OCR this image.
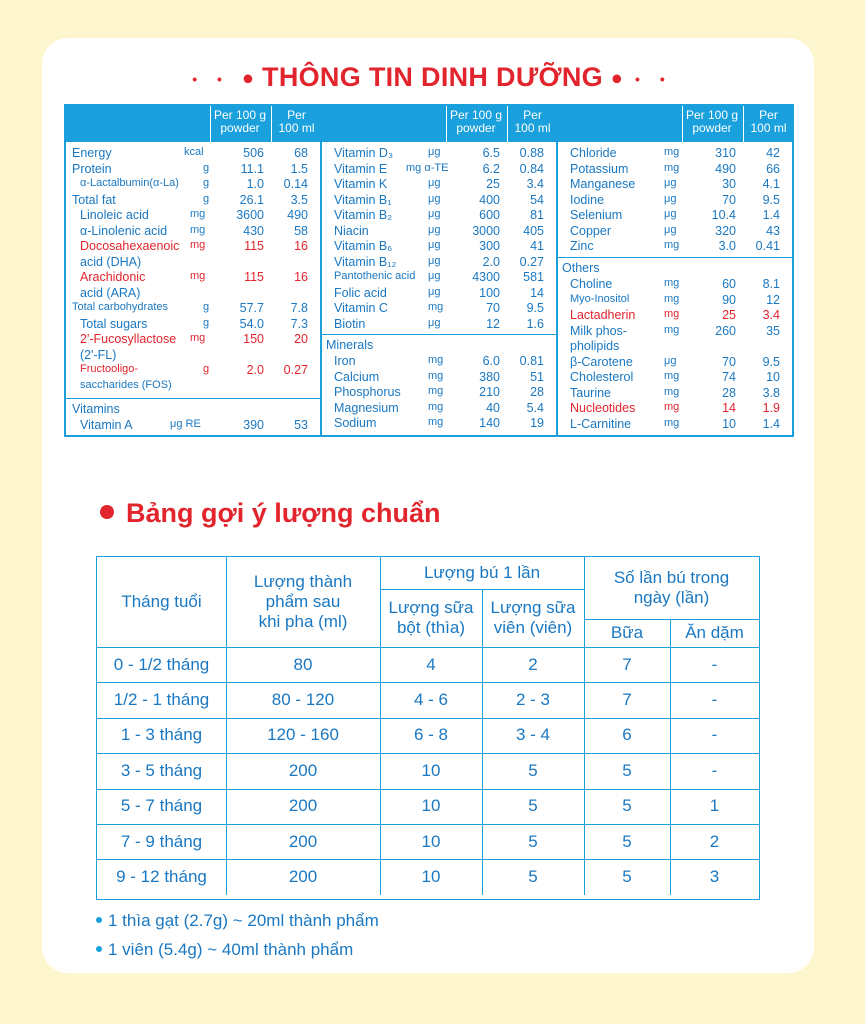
• • ● THÔNG TIN DINH DƯỠNG ● • •
Per 100 g
powder
Per
100 ml
Energy	kcal	506 68
Protein	g	11.1 1.5
α-Lactalbumin(α-La) g	1.0 0.14
Total fat	g 26.1 3.5
Linoleic acid	mg 3600 490
α-Linolenic acid mg	430 58
Docosahexaenoic mg	115 16
acid (DHA)
Arachidonic	mg	115 16
acid (ARA)
Total carbohydrates	g 57.7 7.8
Total sugars	g 54.0 7.3
2'-Fucosyllactose mg	150 20
(2'-FL)
Fructooligo-	g	2.0 0.27
saccharides (FOS)
Vitamins
Vitamin A	μg RE	390 53
Per 100 g
powder
Per
100 ml
Vitamin D₃	μg	6.5 0.88
Vitamin E mg α-TE	6.2 0.84
Vitamin K	μg	25 3.4
Vitamin B₁	μg	400 54
Vitamin B₂	μg	600 81
Niacin	μg	3000 405
Vitamin B₆	μg	300 41
Vitamin B₁₂	μg	2.0 0.27
Pantothenic acid μg	4300 581
Folic acid	μg	100 14
Vitamin C	mg	70 9.5
Biotin	μg	12 1.6
Minerals
Iron	mg	6.0 0.81
Calcium	mg	380 51
Phosphorus mg	210 28
Magnesium	mg	40 5.4
Sodium	mg	140 19
Per 100 g
powder
Per
100 ml
Chloride	mg	310 42
Potassium	mg	490 66
Manganese	μg	30 4.1
Iodine	μg	70 9.5
Selenium	μg	10.4 1.4
Copper	μg	320 43
Zinc	mg	3.0 0.41
Others
Choline	mg	60 8.1
Myo-Inositol	mg	90 12
Lactadherin	mg	25 3.4
Milk phos-	mg	260 35
pholipids
β-Carotene	μg	70 9.5
Cholesterol	mg	74 10
Taurine	mg	28 3.8
Nucleotides	mg	14 1.9
L-Carnitine	mg	10 1.4
Bảng gợi ý lượng chuẩn
Tháng tuổi
Lượng thành
phẩm sau
khi pha (ml)
Lượng bú 1 lần
Lượng sữa
bột (thìa)
Lượng sữa
viên (viên)
Số lần bú trong
ngày (lần)
Bữa Ăn dặm
0 - 1/2 tháng	80	4	2	7	-
1/2 - 1 tháng	80 - 120	4 - 6	2 - 3	7	-
1 - 3 tháng	120 - 160	6 - 8	3 - 4	6	-
3 - 5 tháng	200	10	5	5	-
5 - 7 tháng	200	10	5	5	1
7 - 9 tháng	200	10	5	5	2
9 - 12 tháng	200	10	5	5	3
1 thìa gạt (2.7g) ~ 20ml thành phẩm
1 viên (5.4g) ~ 40ml thành phẩm
